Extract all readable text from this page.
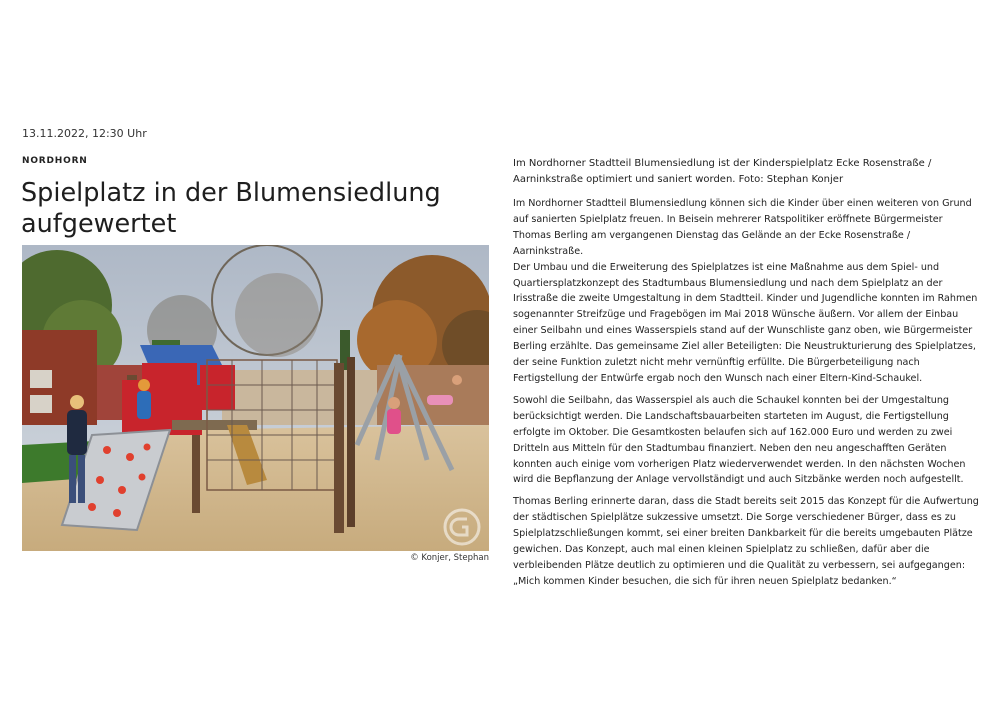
13.11.2022, 12:30 Uhr
NORDHORN
Spielplatz in der Blumensiedlung aufgewertet
© Konjer, Stephan
Im Nordhorner Stadtteil Blumensiedlung ist der Kinderspielplatz Ecke Rosenstraße / Aarninkstraße optimiert und saniert worden. Foto: Stephan Konjer

Im Nordhorner Stadtteil Blumensiedlung können sich die Kinder über einen weiteren von Grund auf sanierten Spielplatz freuen. In Beisein mehrerer Ratspolitiker eröffnete Bürgermeister Thomas Berling am vergangenen Dienstag das Gelände an der Ecke Rosenstraße / Aarninkstraße.

Der Umbau und die Erweiterung des Spielplatzes ist eine Maßnahme aus dem Spiel- und Quartiersplatzkonzept des Stadtumbaus Blumensiedlung und nach dem Spielplatz an der Irisstraße die zweite Umgestaltung in dem Stadtteil. Kinder und Jugendliche konnten im Rahmen sogenannter Streifzüge und Fragebögen im Mai 2018 Wünsche äußern. Vor allem der Einbau einer Seilbahn und eines Wasserspiels stand auf der Wunschliste ganz oben, wie Bürgermeister Berling erzählte. Das gemeinsame Ziel aller Beteiligten: Die Neustrukturierung des Spielplatzes, der seine Funktion zuletzt nicht mehr vernünftig erfüllte. Die Bürgerbeteiligung nach Fertigstellung der Entwürfe ergab noch den Wunsch nach einer Eltern-Kind-Schaukel.

Sowohl die Seilbahn, das Wasserspiel als auch die Schaukel konnten bei der Umgestaltung berücksichtigt werden. Die Landschaftsbauarbeiten starteten im August, die Fertigstellung erfolgte im Oktober. Die Gesamtkosten belaufen sich auf 162.000 Euro und werden zu zwei Dritteln aus Mitteln für den Stadtumbau finanziert. Neben den neu angeschafften Geräten konnten auch einige vom vorherigen Platz wiederverwendet werden. In den nächsten Wochen wird die Bepflanzung der Anlage vervollständigt und auch Sitzbänke werden noch aufgestellt.

Thomas Berling erinnerte daran, dass die Stadt bereits seit 2015 das Konzept für die Aufwertung der städtischen Spielplätze sukzessive umsetzt. Die Sorge verschiedener Bürger, dass es zu Spielplatzschließungen kommt, sei einer breiten Dankbarkeit für die bereits umgebauten Plätze gewichen. Das Konzept, auch mal einen kleinen Spielplatz zu schließen, dafür aber die verbleibenden Plätze deutlich zu optimieren und die Qualität zu verbessern, sei aufgegangen: „Mich kommen Kinder besuchen, die sich für ihren neuen Spielplatz bedanken.“
